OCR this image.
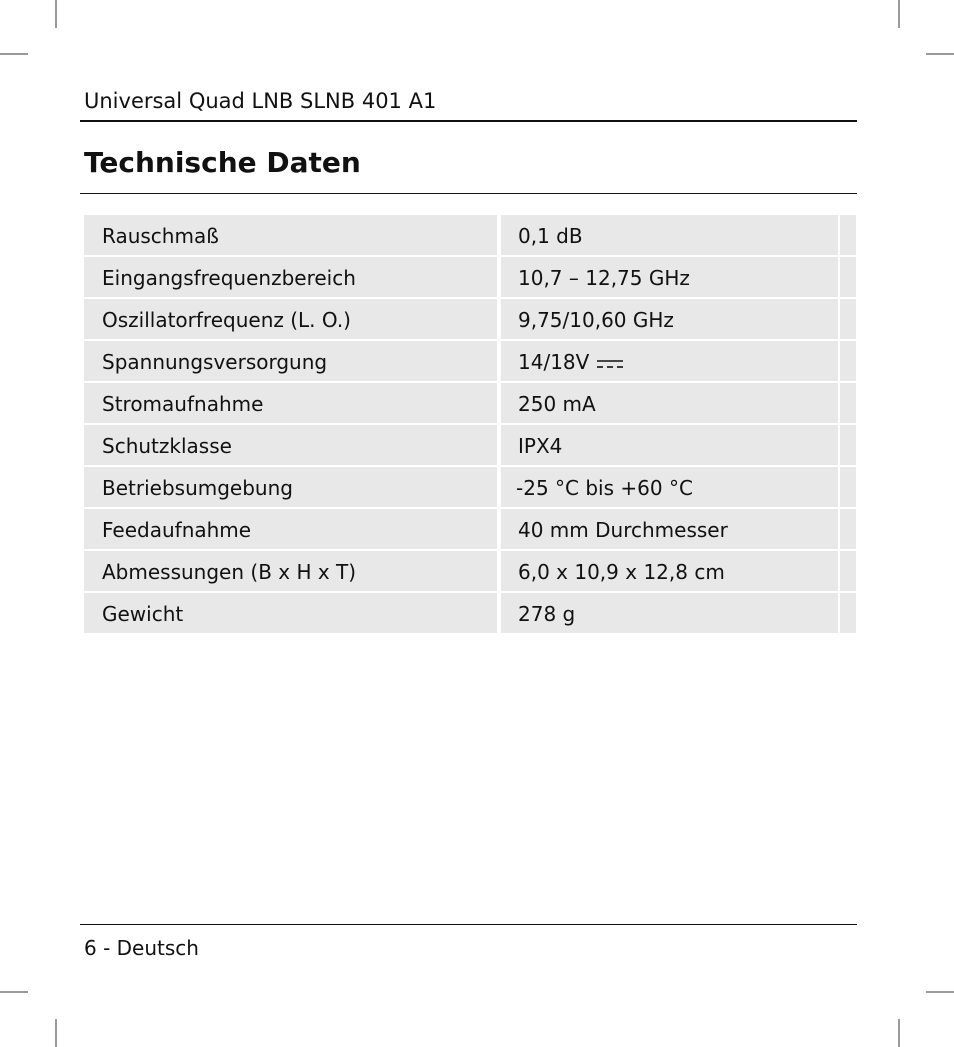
Universal Quad LNB SLNB 401 A1
Technische Daten
Rauschmaß	0,1 dB
Eingangsfrequenzbereich	10,7 – 12,75 GHz
Oszillatorfrequenz (L. O.)	9,75/10,60 GHz
Spannungsversorgung	14/18V
Stromaufnahme	250 mA
Schutzklasse	IPX4
Betriebsumgebung	-25 °C bis +60 °C
Feedaufnahme	40 mm Durchmesser
Abmessungen (B x H x T)	6,0 x 10,9 x 12,8 cm
Gewicht	278 g
6 - Deutsch
